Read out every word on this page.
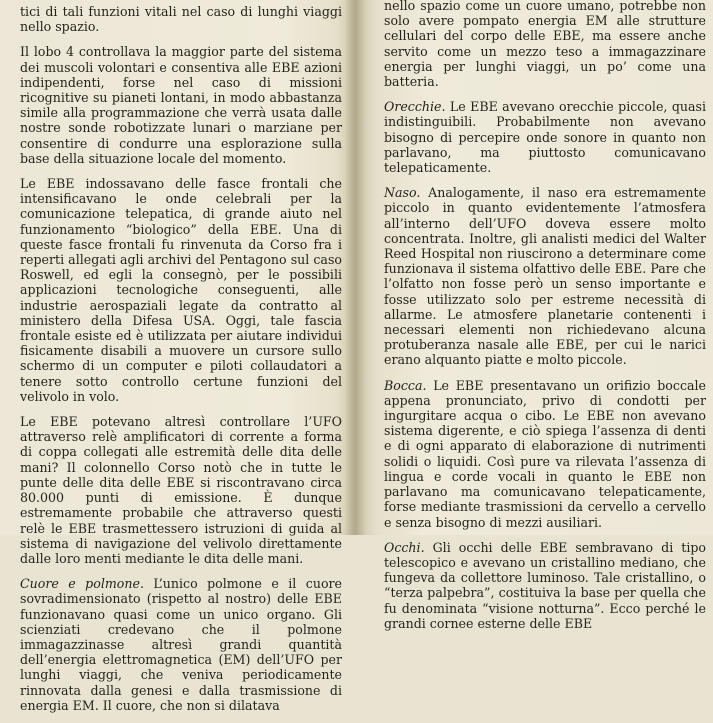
tici di tali funzioni vitali nel caso di lunghi viaggi nello spazio.

Il lobo 4 controllava la maggior parte del sistema dei muscoli volontari e consentiva alle EBE azioni indipendenti, forse nel caso di missioni ricognitive su pianeti lontani, in modo abbastanza simile alla programmazione che verrà usata dalle nostre sonde robotizzate lunari o marziane per consentire di condurre una esplorazione sulla base della situazione locale del momento.

Le EBE indossavano delle fasce frontali che intensificavano le onde celebrali per la comunicazione telepatica, di grande aiuto nel funzionamento “biologico” della EBE. Una di queste fasce frontali fu rinvenuta da Corso fra i reperti allegati agli archivi del Pentagono sul caso Roswell, ed egli la consegnò, per le possibili applicazioni tecnologiche conseguenti, alle industrie aerospaziali legate da contratto al ministero della Difesa USA. Oggi, tale fascia frontale esiste ed è utilizzata per aiutare individui fisicamente disabili a muovere un cursore sullo schermo di un computer e piloti collaudatori a tenere sotto controllo certune funzioni del velivolo in volo.

Le EBE potevano altresì controllare l’UFO attraverso relè amplificatori di corrente a forma di coppa collegati alle estremità delle dita delle mani? Il colonnello Corso notò che in tutte le punte delle dita delle EBE si riscontravano circa 80.000 punti di emissione. È dunque estremamente probabile che attraverso questi relè le EBE trasmettessero istruzioni di guida al sistema di navigazione del velivolo direttamente dalle loro menti mediante le dita delle mani.

Cuore e polmone. L’unico polmone e il cuore sovradimensionato (rispetto al nostro) delle EBE funzionavano quasi come un unico organo. Gli scienziati credevano che il polmone immagazzinasse altresì grandi quantità dell’energia elettromagnetica (EM) dell’UFO per lunghi viaggi, che veniva periodicamente rinnovata dalla genesi e dalla trasmissione di energia EM. Il cuore, che non si dilatava

nello spazio come un cuore umano, potrebbe non solo avere pompato energia EM alle strutture cellulari del corpo delle EBE, ma essere anche servito come un mezzo teso a immagazzinare energia per lunghi viaggi, un po’ come una batteria.

Orecchie. Le EBE avevano orecchie piccole, quasi indistinguibili. Probabilmente non avevano bisogno di percepire onde sonore in quanto non parlavano, ma piuttosto comunicavano telepaticamente.

Naso. Analogamente, il naso era estremamente piccolo in quanto evidentemente l’atmosfera all’interno dell’UFO doveva essere molto concentrata. Inoltre, gli analisti medici del Walter Reed Hospital non riuscirono a determinare come funzionava il sistema olfattivo delle EBE. Pare che l’olfatto non fosse però un senso importante e fosse utilizzato solo per estreme necessità di allarme. Le atmosfere planetarie contenenti i necessari elementi non richiedevano alcuna protuberanza nasale alle EBE, per cui le narici erano alquanto piatte e molto piccole.

Bocca. Le EBE presentavano un orifizio boccale appena pronunciato, privo di condotti per ingurgitare acqua o cibo. Le EBE non avevano sistema digerente, e ciò spiega l’assenza di denti e di ogni apparato di elaborazione di nutrimenti solidi o liquidi. Così pure va rilevata l’assenza di lingua e corde vocali in quanto le EBE non parlavano ma comunicavano telepaticamente, forse mediante trasmissioni da cervello a cervello e senza bisogno di mezzi ausiliari.

Occhi. Gli occhi delle EBE sembravano di tipo telescopico e avevano un cristallino mediano, che fungeva da collettore luminoso. Tale cristallino, o “terza palpebra”, costituiva la base per quella che fu denominata “visione notturna”. Ecco perché le grandi cornee esterne delle EBE
